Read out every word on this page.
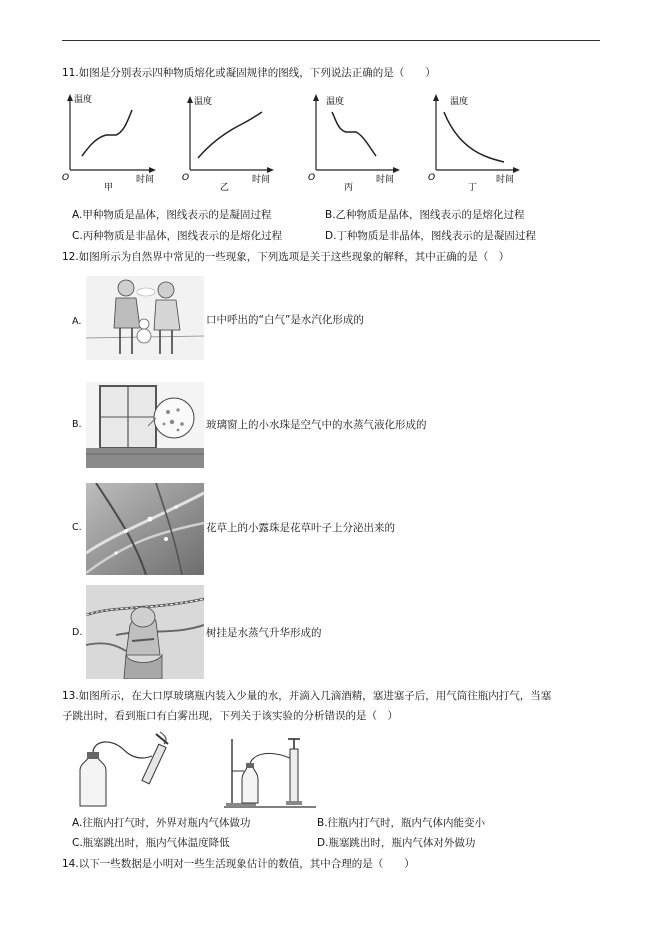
11.如图是分别表示四种物质熔化或凝固规律的图线，下列说法正确的是（　　）
温度
O	时间
甲
温度
O	时间
乙
温度
O	时间
丙
温度
O	时间
丁
A.甲种物质是晶体，图线表示的是凝固过程	B.乙种物质是晶体，图线表示的是熔化过程
C.丙种物质是非晶体，图线表示的是熔化过程	D.丁种物质是非晶体，图线表示的是凝固过程
12.如图所示为自然界中常见的一些现象，下列选项是关于这些现象的解释，其中正确的是（　）
A.	口中呼出的“白气”是水汽化形成的
B.	玻璃窗上的小水珠是空气中的水蒸气液化形成的
C.	花草上的小露珠是花草叶子上分泌出来的
D.	树挂是水蒸气升华形成的
13.如图所示，在大口厚玻璃瓶内装入少量的水，并滴入几滴酒精，塞进塞子后，用气筒往瓶内打气，当塞
子跳出时，看到瓶口有白雾出现，下列关于该实验的分析错误的是（　）
A.往瓶内打气时，外界对瓶内气体做功	B.往瓶内打气时，瓶内气体内能变小
C.瓶塞跳出时，瓶内气体温度降低	D.瓶塞跳出时，瓶内气体对外做功
14.以下一些数据是小明对一些生活现象估计的数值，其中合理的是（　　）
